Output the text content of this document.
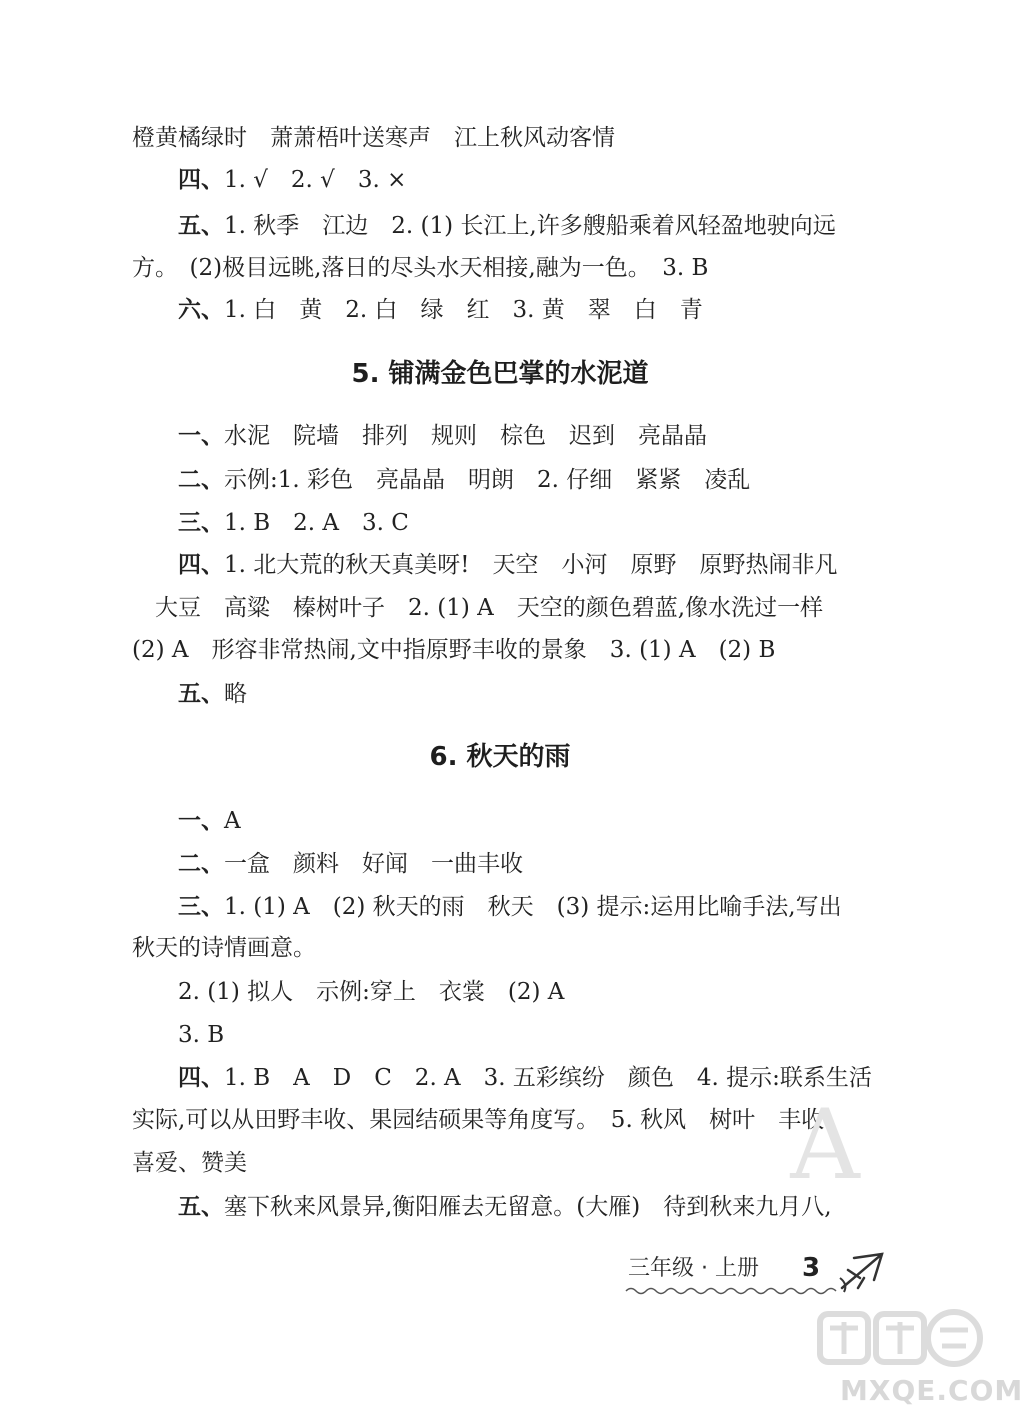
橙黄橘绿时　萧萧梧叶送寒声　江上秋风动客情
四、1. √　2. √　3. ×
五、1. 秋季　江边　2. (1) 长江上,许多艘船乘着风轻盈地驶向远
方。　(2)极目远眺,落日的尽头水天相接,融为一色。　3. B
六、1. 白　黄　2. 白　绿　红　3. 黄　翠　白　青
5. 铺满金色巴掌的水泥道
一、水泥　院墙　排列　规则　棕色　迟到　亮晶晶
二、示例:1. 彩色　亮晶晶　明朗　2. 仔细　紧紧　凌乱
三、1. B　2. A　3. C
四、1. 北大荒的秋天真美呀!　天空　小河　原野　原野热闹非凡
大豆　高粱　榛树叶子　2. (1) A　天空的颜色碧蓝,像水洗过一样
(2) A　形容非常热闹,文中指原野丰收的景象　3. (1) A　(2) B
五、略
6. 秋天的雨
一、A
二、一盒　颜料　好闻　一曲丰收
三、1. (1) A　(2) 秋天的雨　秋天　(3) 提示:运用比喻手法,写出
秋天的诗情画意。
2. (1) 拟人　示例:穿上　衣裳　(2) A
3. B
四、1. B　A　D　C　2. A　3. 五彩缤纷　颜色　4. 提示:联系生活
实际,可以从田野丰收、果园结硕果等角度写。　5. 秋风　树叶　丰收
喜爱、赞美
五、塞下秋来风景异,衡阳雁去无留意。(大雁)　待到秋来九月八,
A
三年级 · 上册 3
MXQE.COM
